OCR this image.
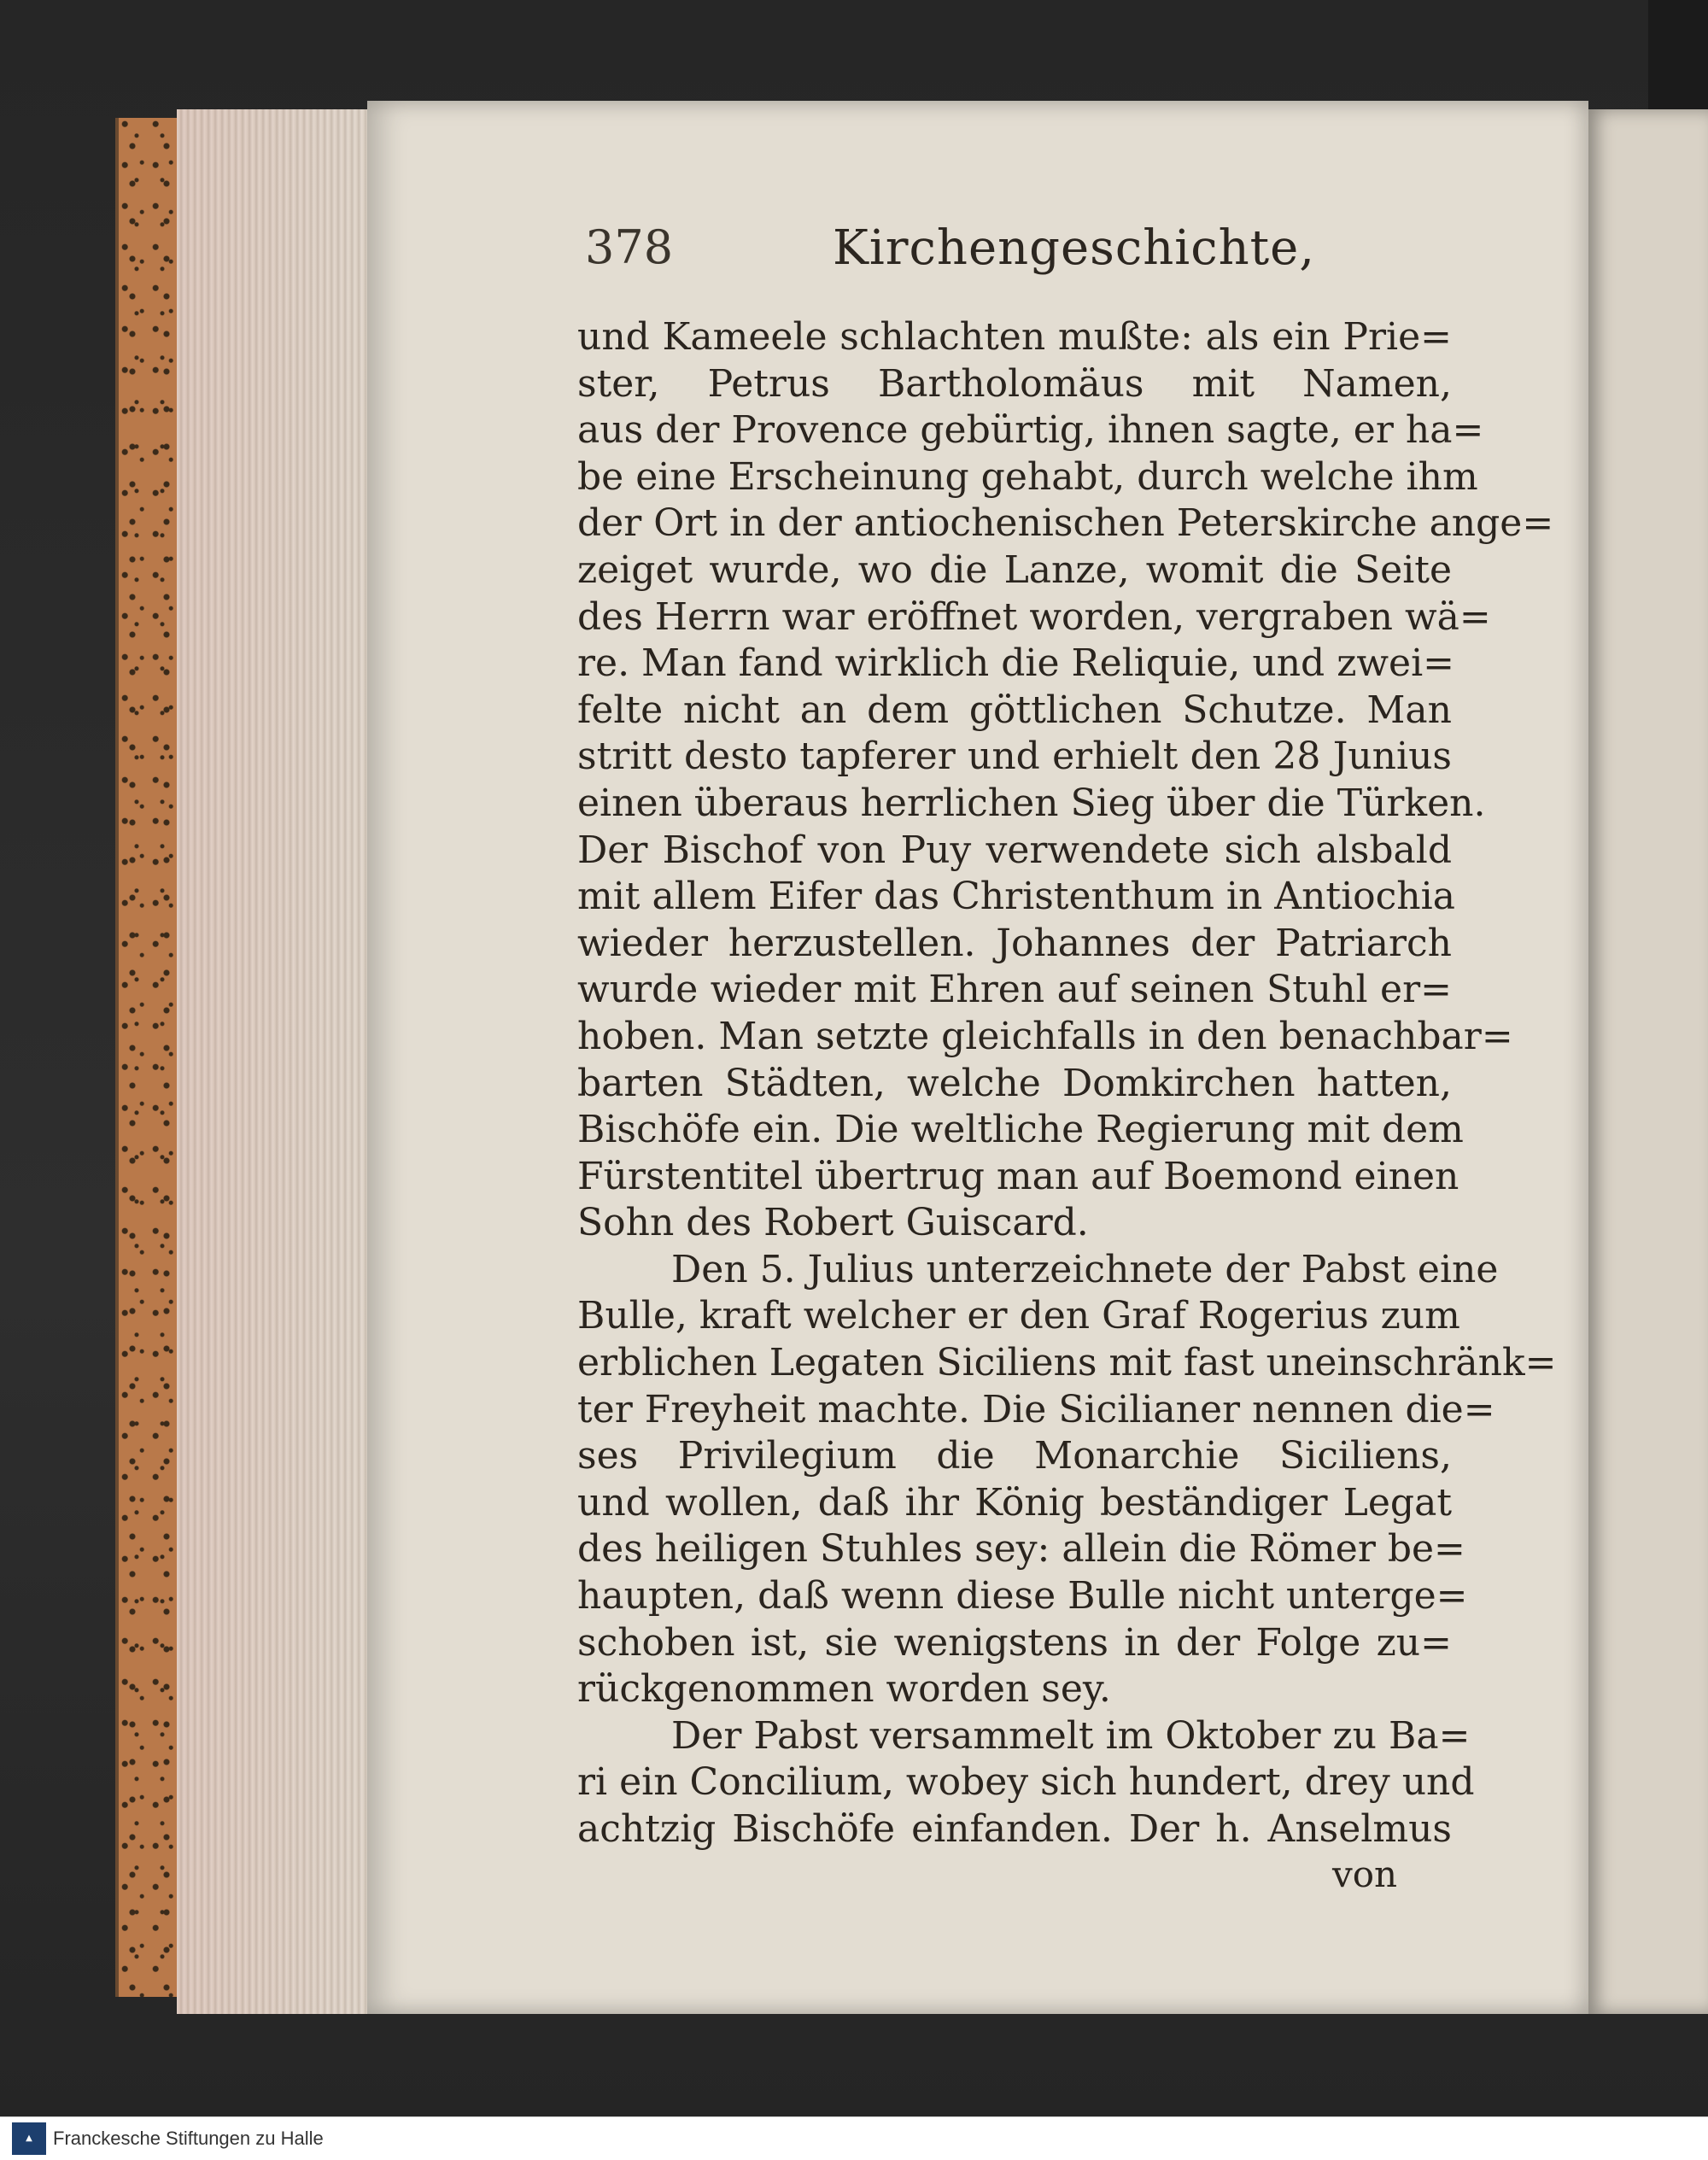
378	Kirchengeschichte,
und Kameele schlachten mußte: als ein Prie=
ster, Petrus Bartholomäus mit Namen,
aus der Provence gebürtig, ihnen sagte, er ha=
be eine Erscheinung gehabt, durch welche ihm
der Ort in der antiochenischen Peterskirche ange=
zeiget wurde, wo die Lanze, womit die Seite
des Herrn war eröffnet worden, vergraben wä=
re. Man fand wirklich die Reliquie, und zwei=
felte nicht an dem göttlichen Schutze. Man
stritt desto tapferer und erhielt den 28 Junius
einen überaus herrlichen Sieg über die Türken.
Der Bischof von Puy verwendete sich alsbald
mit allem Eifer das Christenthum in Antiochia
wieder herzustellen. Johannes der Patriarch
wurde wieder mit Ehren auf seinen Stuhl er=
hoben. Man setzte gleichfalls in den benachbar=
barten Städten, welche Domkirchen hatten,
Bischöfe ein. Die weltliche Regierung mit dem
Fürstentitel übertrug man auf Boemond einen
Sohn des Robert Guiscard.
Den 5. Julius unterzeichnete der Pabst eine
Bulle, kraft welcher er den Graf Rogerius zum
erblichen Legaten Siciliens mit fast uneinschränk=
ter Freyheit machte. Die Sicilianer nennen die=
ses Privilegium die Monarchie Siciliens,
und wollen, daß ihr König beständiger Legat
des heiligen Stuhles sey: allein die Römer be=
haupten, daß wenn diese Bulle nicht unterge=
schoben ist, sie wenigstens in der Folge zu=
rückgenommen worden sey.
Der Pabst versammelt im Oktober zu Ba=
ri ein Concilium, wobey sich hundert, drey und
achtzig Bischöfe einfanden. Der h. Anselmus
von
▲	Franckesche Stiftungen zu Halle
